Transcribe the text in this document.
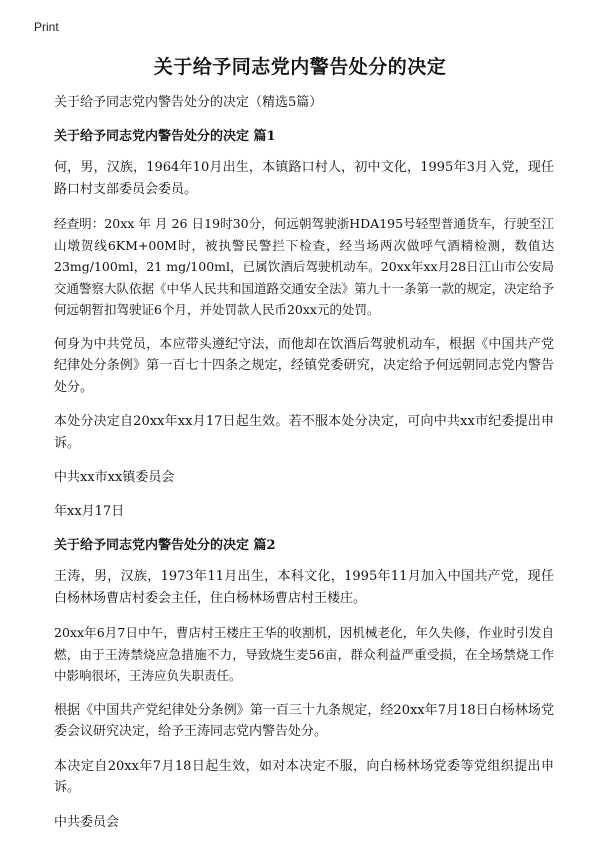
Print
关于给予同志党内警告处分的决定

关于给予同志党内警告处分的决定（精选5篇）

关于给予同志党内警告处分的决定 篇1

何，男，汉族，1964年10月出生，本镇路口村人，初中文化，1995年3月入党，现任路口村支部委员会委员。

经查明：20xx 年 月 26 日19时30分，何远朝驾驶浙HDA195号轻型普通货车，行驶至江山墩贺线6KM+00M时，被执警民警拦下检查，经当场两次做呼气酒精检测，数值达23mg/100ml，21 mg/100ml，已属饮酒后驾驶机动车。20xx年xx月28日江山市公安局交通警察大队依据《中华人民共和国道路交通安全法》第九十一条第一款的规定，决定给予何远朝暂扣驾驶证6个月，并处罚款人民币20xx元的处罚。

何身为中共党员，本应带头遵纪守法，而他却在饮酒后驾驶机动车，根据《中国共产党纪律处分条例》第一百七十四条之规定，经镇党委研究，决定给予何远朝同志党内警告处分。

本处分决定自20xx年xx月17日起生效。若不服本处分决定，可向中共xx市纪委提出申诉。

中共xx市xx镇委员会

年xx月17日

关于给予同志党内警告处分的决定 篇2

王涛，男，汉族，1973年11月出生，本科文化，1995年11月加入中国共产党，现任白杨林场曹店村委会主任，住白杨林场曹店村王楼庄。

20xx年6月7日中午，曹店村王楼庄王华的收割机，因机械老化，年久失修，作业时引发自燃，由于王涛禁烧应急措施不力，导致烧生麦56亩，群众利益严重受损，在全场禁烧工作中影响很坏，王涛应负失职责任。

根据《中国共产党纪律处分条例》第一百三十九条规定，经20xx年7月18日白杨林场党委会议研究决定，给予王涛同志党内警告处分。

本决定自20xx年7月18日起生效，如对本决定不服，向白杨林场党委等党组织提出申诉。

中共委员会
